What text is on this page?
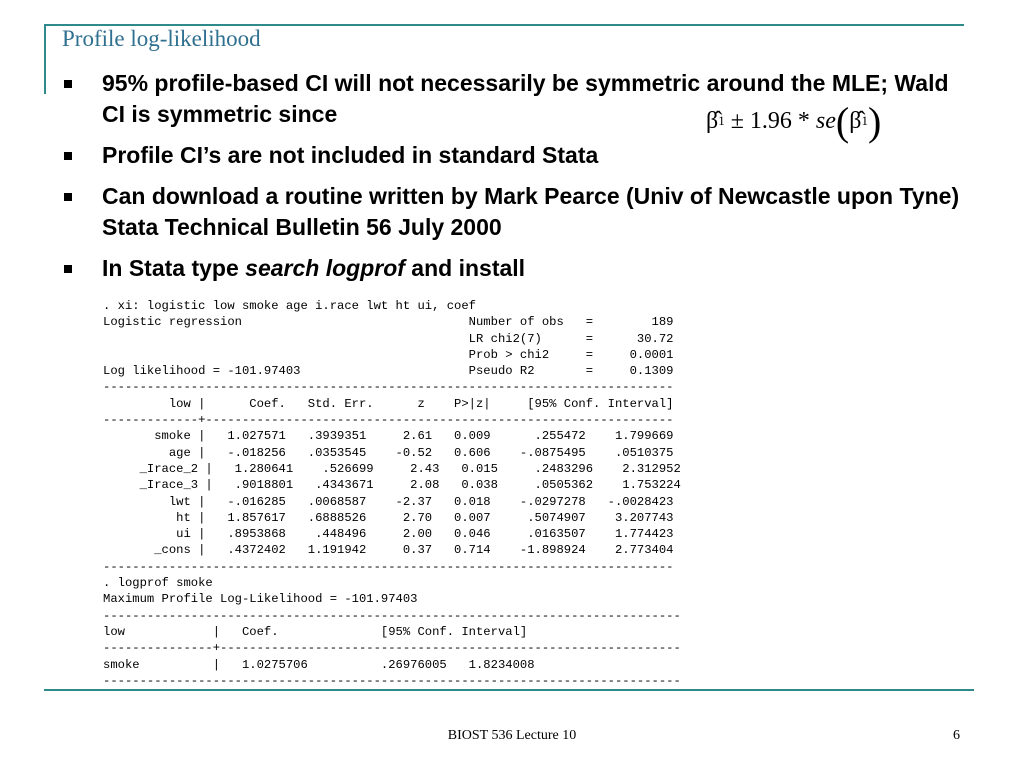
Profile log-likelihood
95% profile-based CI will not necessarily be symmetric around the MLE; Wald CI is symmetric since
Profile CI’s are not included in standard Stata
Can download a routine written by Mark Pearce (Univ of Newcastle upon Tyne) Stata Technical Bulletin 56 July 2000
In Stata type search logprof and install
β̂ 1 ± 1.96 * se ( β̂ 1 )
. xi: logistic low smoke age i.race lwt ht ui, coef
Logistic regression                               Number of obs   =        189
LR chi2(7)      =      30.72
Prob > chi2     =     0.0001
Log likelihood = -101.97403                       Pseudo R2       =     0.1309
------------------------------------------------------------------------------
low |      Coef.   Std. Err.      z    P>|z|     [95% Conf. Interval]
-------------+----------------------------------------------------------------
smoke |   1.027571   .3939351     2.61   0.009      .255472    1.799669
age |   -.018256   .0353545    -0.52   0.606    -.0875495    .0510375
_Irace_2 |   1.280641    .526699     2.43   0.015     .2483296    2.312952
_Irace_3 |   .9018801   .4343671     2.08   0.038     .0505362    1.753224
lwt |   -.016285   .0068587    -2.37   0.018    -.0297278   -.0028423
ht |   1.857617   .6888526     2.70   0.007     .5074907    3.207743
ui |   .8953868    .448496     2.00   0.046     .0163507    1.774423
_cons |   .4372402   1.191942     0.37   0.714    -1.898924    2.773404
------------------------------------------------------------------------------
. logprof smoke
Maximum Profile Log-Likelihood = -101.97403
-------------------------------------------------------------------------------
low            |   Coef.              [95% Conf. Interval]
---------------+---------------------------------------------------------------
smoke          |   1.0275706          .26976005   1.8234008
-------------------------------------------------------------------------------
BIOST 536 Lecture 10	6
